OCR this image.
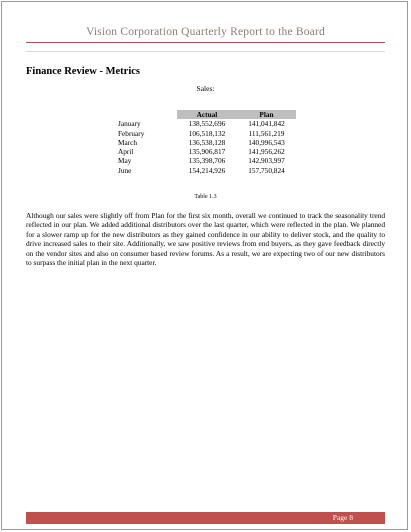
Vision Corporation Quarterly Report to the Board
Finance Review - Metrics
Sales:
	Actual	Plan
January	138,552,696	141,041,842
February	106,518,132	111,561,219
March	136,538,128	140,996,543
April	135,906,817	141,956,262
May	135,398,706	142,903,997
June	154,214,926	157,750,824
Table 1.3
Although our sales were slightly off from Plan for the first six month, overall we continued to track the seasonality trend reflected in our plan. We added additional distributors over the last quarter, which were reflected in the plan. We planned for a slower ramp up for the new distributors as they gained confidence in our ability to deliver stock, and the quality to drive increased sales to their site. Additionally, we saw positive reviews from end buyers, as they gave feedback directly on the vendor sites and also on consumer based review forums. As a result, we are expecting two of our new distributors to surpass the initial plan in the next quarter.
Page 8
